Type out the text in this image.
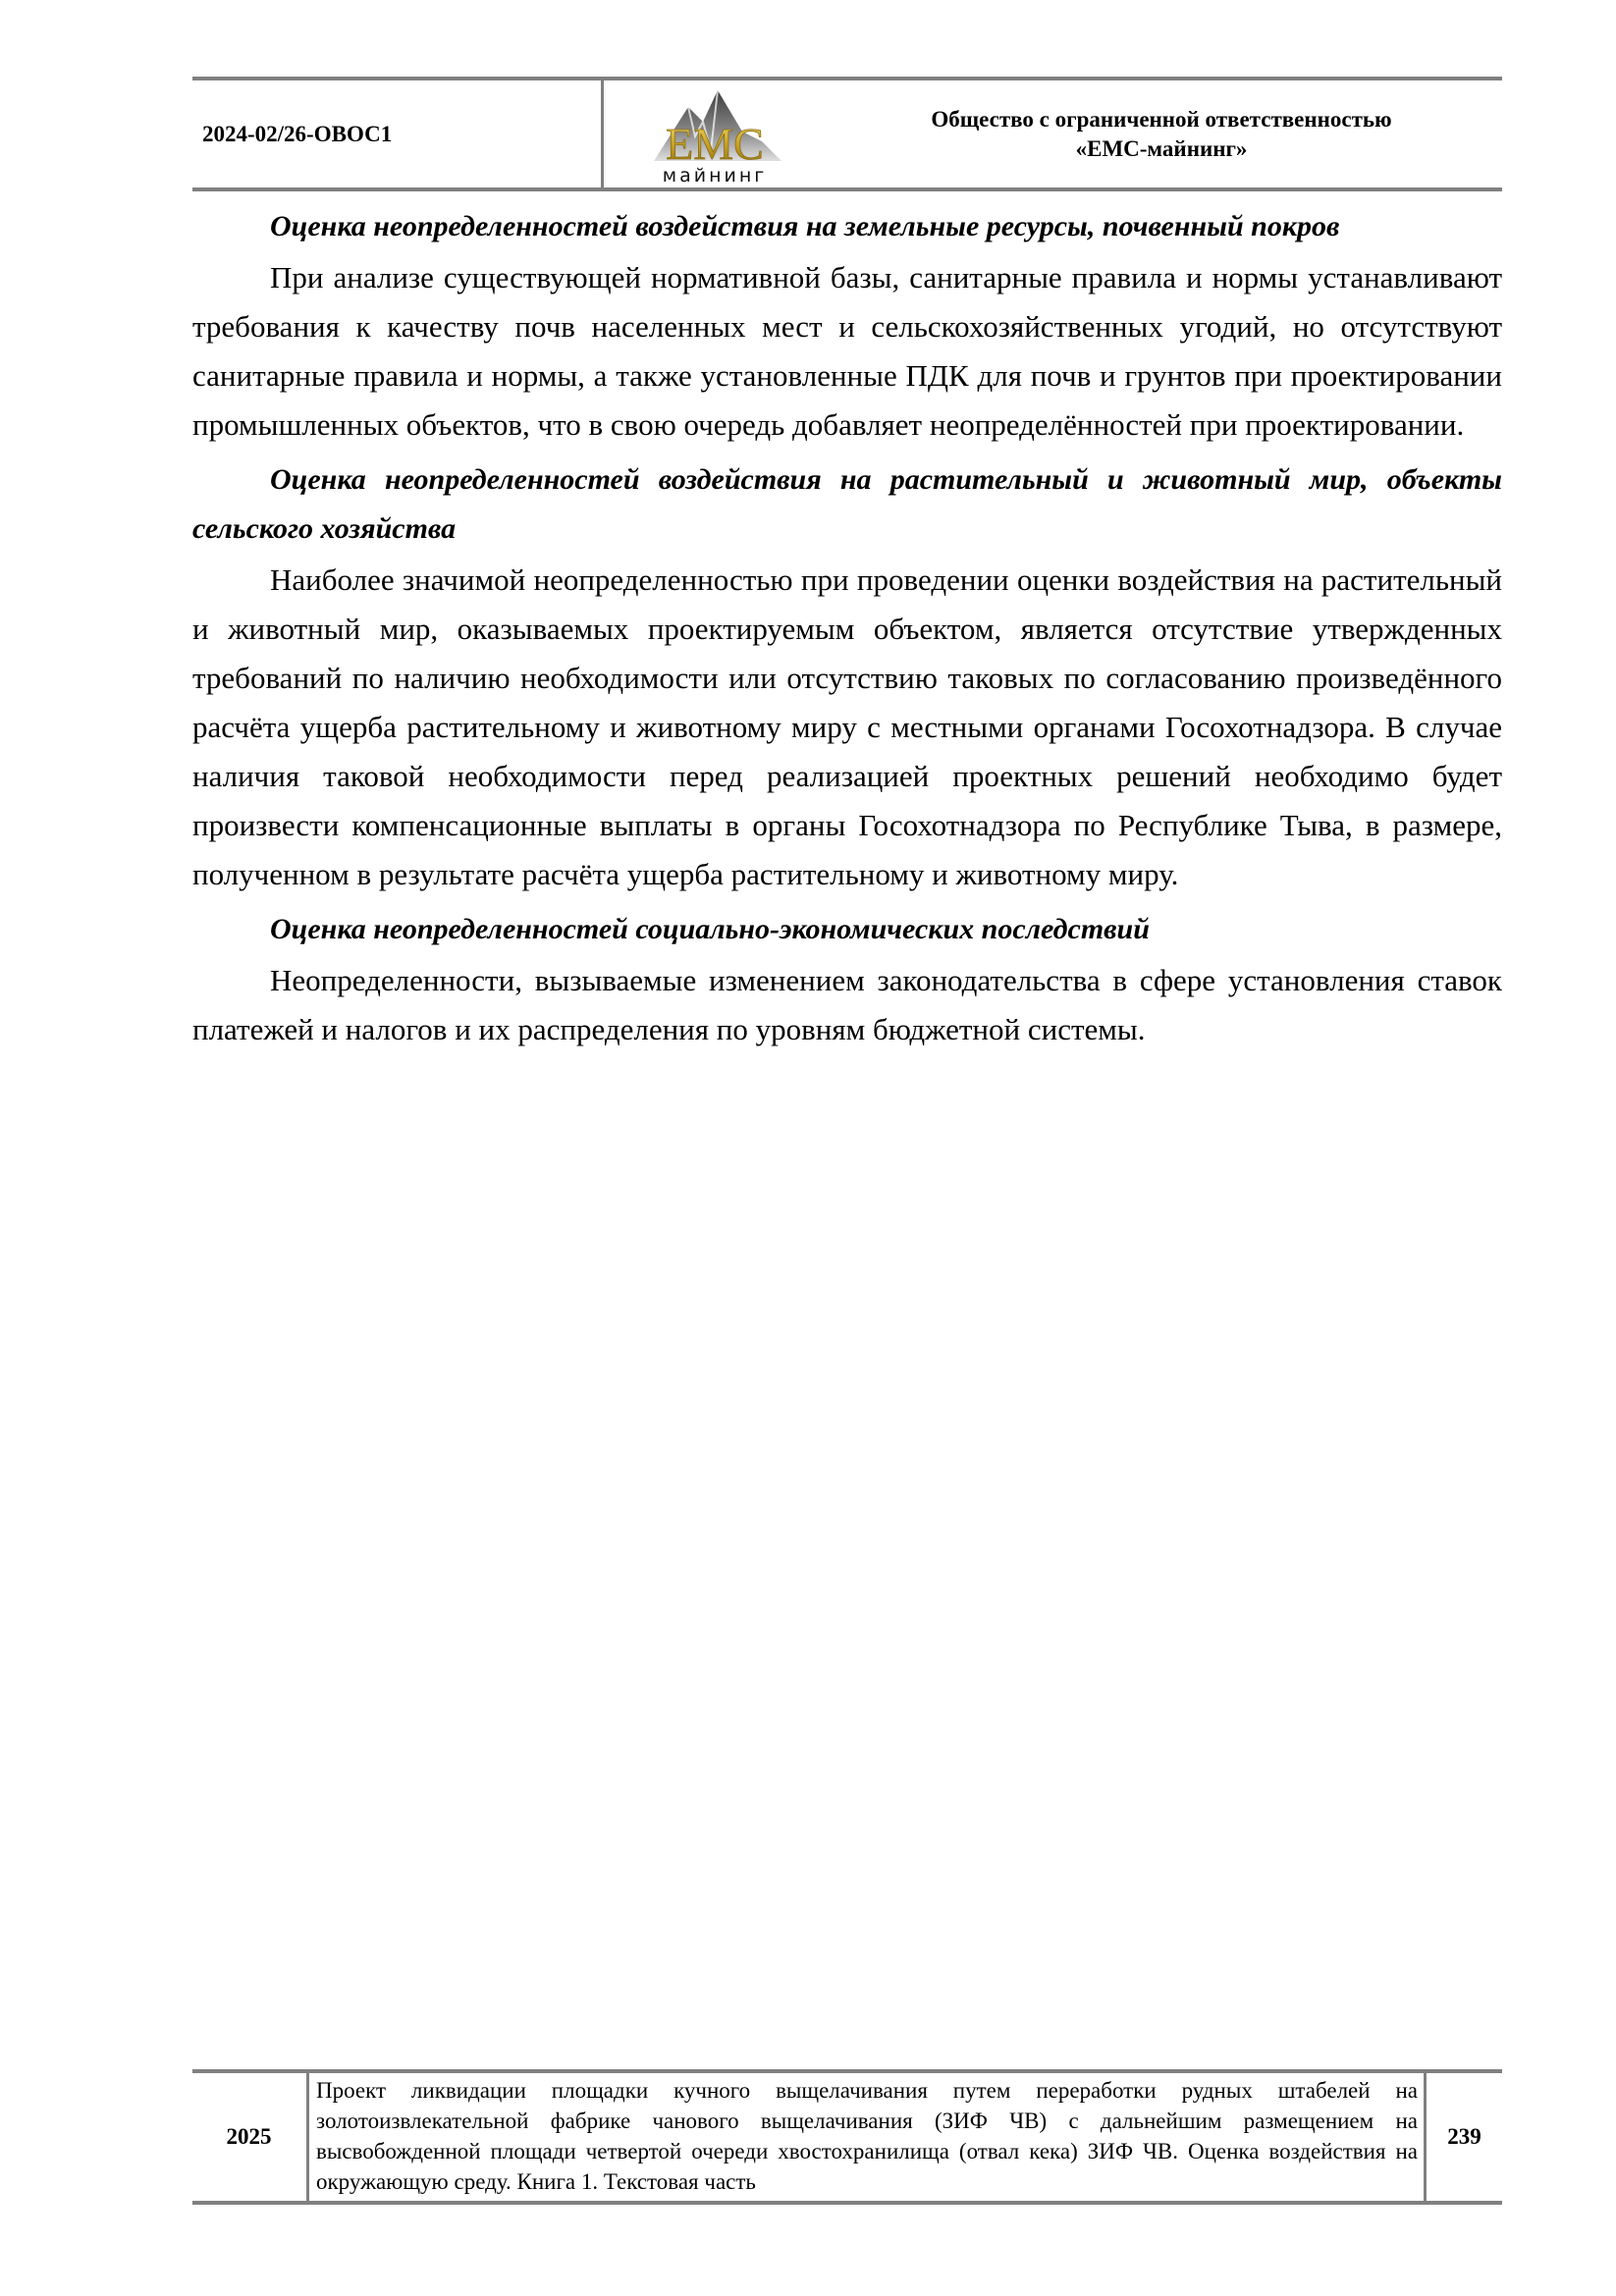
2024-02/26-ОВОС1	EMC
майнинг
Общество с ограниченной ответственностью
«ЕМС-майнинг»
Оценка неопределенностей воздействия на земельные ресурсы, почвенный покров

При анализе существующей нормативной базы, санитарные правила и нормы устанавливают требования к качеству почв населенных мест и сельскохозяйственных угодий, но отсутствуют санитарные правила и нормы, а также установленные ПДК для почв и грунтов при проектировании промышленных объектов, что в свою очередь добавляет неопределённостей при проектировании.

Оценка неопределенностей воздействия на растительный и животный мир, объекты сельского хозяйства

Наиболее значимой неопределенностью при проведении оценки воздействия на растительный и животный мир, оказываемых проектируемым объектом, является отсутствие утвержденных требований по наличию необходимости или отсутствию таковых по согласованию произведённого расчёта ущерба растительному и животному миру с местными органами Госохотнадзора. В случае наличия таковой необходимости перед реализацией проектных решений необходимо будет произвести компенсационные выплаты в органы Госохотнадзора по Республике Тыва, в размере, полученном в результате расчёта ущерба растительному и животному миру.

Оценка неопределенностей социально-экономических последствий

Неопределенности, вызываемые изменением законодательства в сфере установления ставок платежей и налогов и их распределения по уровням бюджетной системы.

2025
Проект ликвидации площадки кучного выщелачивания путем переработки рудных штабелей на золотоизвлекательной фабрике чанового выщелачивания (ЗИФ ЧВ) с дальнейшим размещением на высвобожденной площади четвертой очереди хвостохранилища (отвал кека) ЗИФ ЧВ. Оценка воздействия на окружающую среду. Книга 1. Текстовая часть
239
